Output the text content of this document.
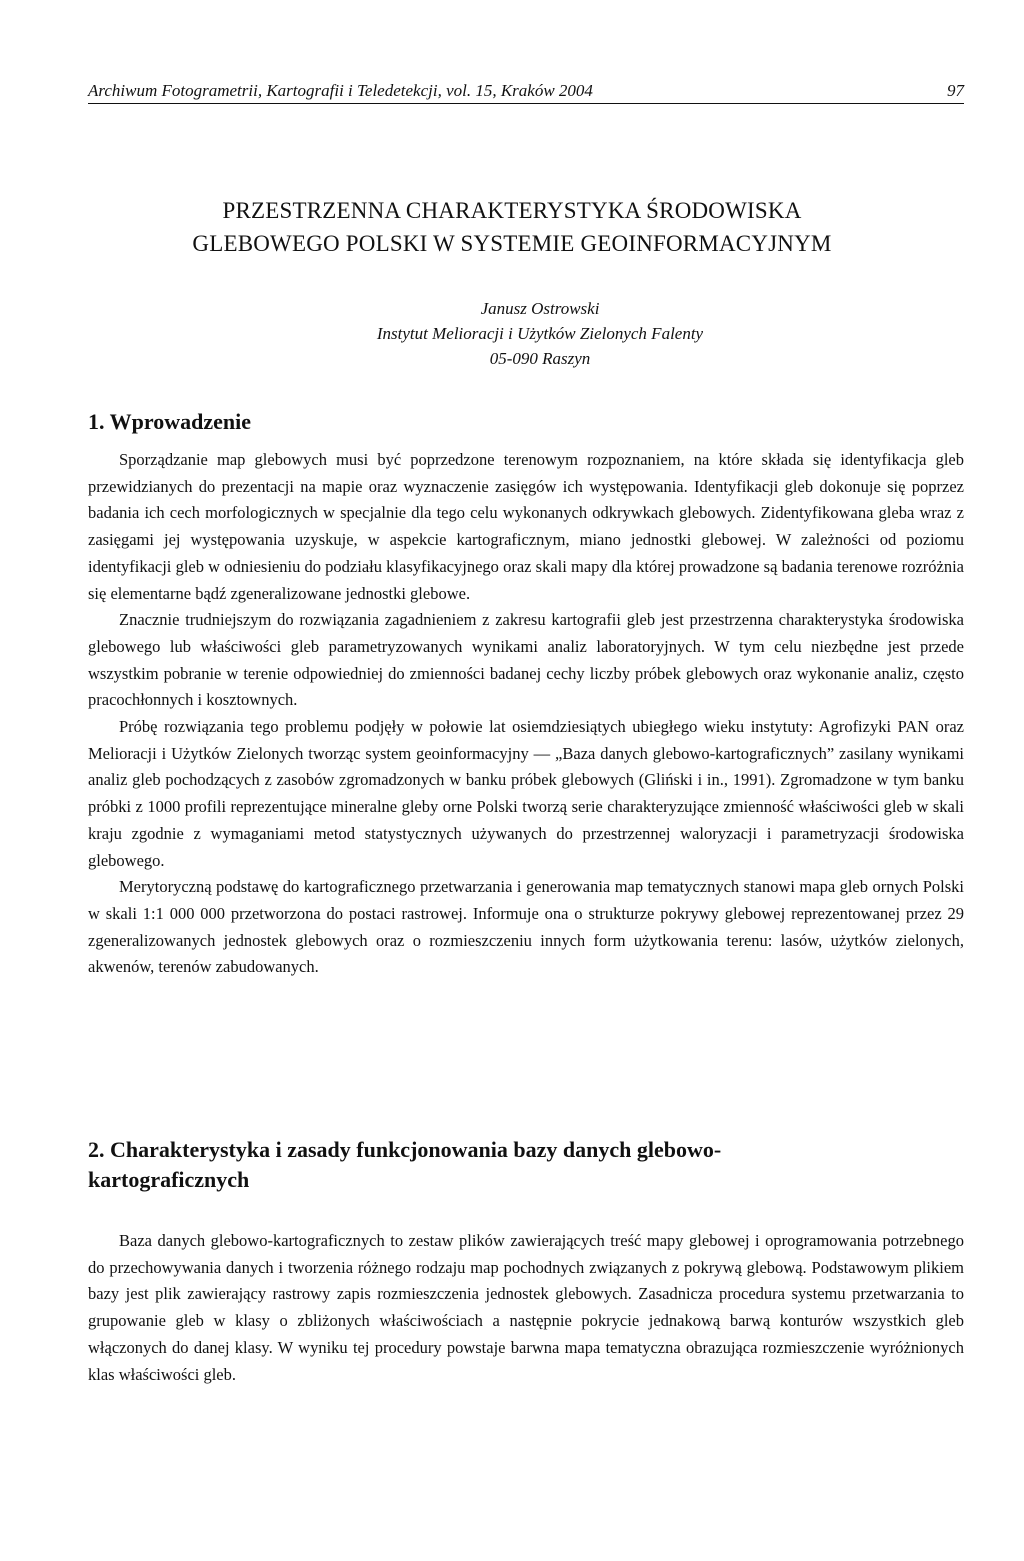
Archiwum Fotogrametrii, Kartografii i Teledetekcji, vol. 15, Kraków 2004	97
PRZESTRZENNA CHARAKTERYSTYKA ŚRODOWISKA
GLEBOWEGO POLSKI W SYSTEMIE GEOINFORMACYJNYM
Janusz Ostrowski
Instytut Melioracji i Użytków Zielonych Falenty
05-090 Raszyn
1. Wprowadzenie

Sporządzanie map glebowych musi być poprzedzone terenowym rozpoznaniem, na które składa się identyfikacja gleb przewidzianych do prezentacji na mapie oraz wyznaczenie zasięgów ich występowania. Identyfikacji gleb dokonuje się poprzez badania ich cech morfologicznych w specjalnie dla tego celu wykonanych odkrywkach glebowych. Zidentyfikowana gleba wraz z zasięgami jej występowania uzyskuje, w aspekcie kartograficznym, miano jednostki glebowej. W zależności od poziomu identyfikacji gleb w odniesieniu do podziału klasyfikacyjnego oraz skali mapy dla której prowadzone są badania terenowe rozróżnia się elementarne bądź zgeneralizowane jednostki glebowe.

Znacznie trudniejszym do rozwiązania zagadnieniem z zakresu kartografii gleb jest przestrzenna charakterystyka środowiska glebowego lub właściwości gleb parametryzowanych wynikami analiz laboratoryjnych. W tym celu niezbędne jest przede wszystkim pobranie w terenie odpowiedniej do zmienności badanej cechy liczby próbek glebowych oraz wykonanie analiz, często pracochłonnych i kosztownych.

Próbę rozwiązania tego problemu podjęły w połowie lat osiemdziesiątych ubiegłego wieku instytuty: Agrofizyki PAN oraz Melioracji i Użytków Zielonych tworząc system geoinformacyjny — „Baza danych glebowo-kartograficznych” zasilany wynikami analiz gleb pochodzących z zasobów zgromadzonych w banku próbek glebowych (Gliński i in., 1991). Zgromadzone w tym banku próbki z 1000 profili reprezentujące mineralne gleby orne Polski tworzą serie charakteryzujące zmienność właściwości gleb w skali kraju zgodnie z wymaganiami metod statystycznych używanych do przestrzennej waloryzacji i parametryzacji środowiska glebowego.

Merytoryczną podstawę do kartograficznego przetwarzania i generowania map tematycznych stanowi mapa gleb ornych Polski w skali 1:1 000 000 przetworzona do postaci rastrowej. Informuje ona o strukturze pokrywy glebowej reprezentowanej przez 29 zgeneralizowanych jednostek glebowych oraz o rozmieszczeniu innych form użytkowania terenu: lasów, użytków zielonych, akwenów, terenów zabudowanych.

2. Charakterystyka i zasady funkcjonowania bazy danych glebowo-kartograficznych

Baza danych glebowo-kartograficznych to zestaw plików zawierających treść mapy glebowej i oprogramowania potrzebnego do przechowywania danych i tworzenia różnego rodzaju map pochodnych związanych z pokrywą glebową. Podstawowym plikiem bazy jest plik zawierający rastrowy zapis rozmieszczenia jednostek glebowych. Zasadnicza procedura systemu przetwarzania to grupowanie gleb w klasy o zbliżonych właściwościach a następnie pokrycie jednakową barwą konturów wszystkich gleb włączonych do danej klasy. W wyniku tej procedury powstaje barwna mapa tematyczna obrazująca rozmieszczenie wyróżnionych klas właściwości gleb.
